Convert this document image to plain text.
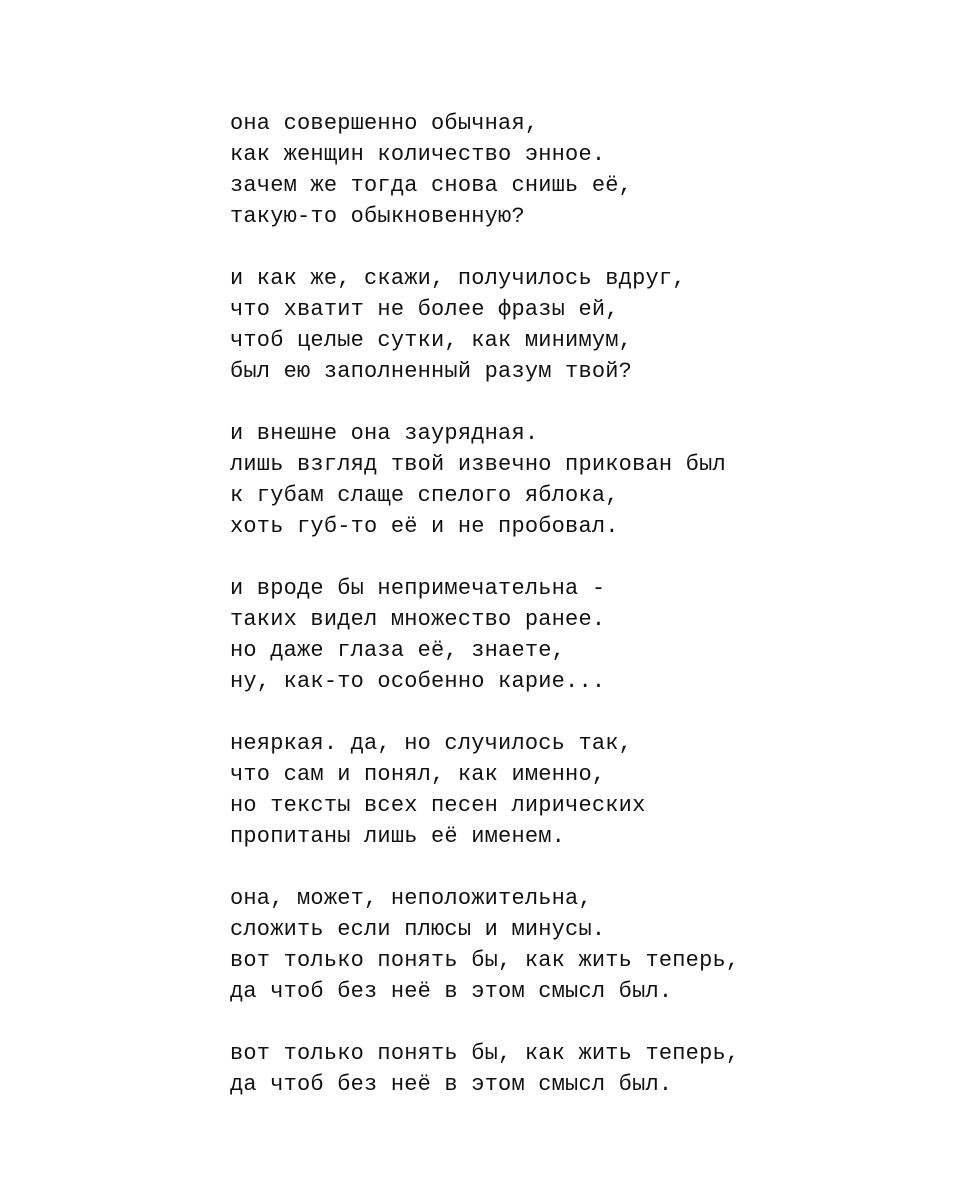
она совершенно обычная,
как женщин количество энное.
зачем же тогда снова снишь её,
такую-то обыкновенную?
и как же, скажи, получилось вдруг,
что хватит не более фразы ей,
чтоб целые сутки, как минимум,
был ею заполненный разум твой?
и внешне она заурядная.
лишь взгляд твой извечно прикован был
к губам слаще спелого яблока,
хоть губ-то её и не пробовал.
и вроде бы непримечательна -
таких видел множество ранее.
но даже глаза её, знаете,
ну, как-то особенно карие...
неяркая. да, но случилось так,
что сам и понял, как именно,
но тексты всех песен лирических
пропитаны лишь её именем.
она, может, неположительна,
сложить если плюсы и минусы.
вот только понять бы, как жить теперь,
да чтоб без неё в этом смысл был.
вот только понять бы, как жить теперь,
да чтоб без неё в этом смысл был.
